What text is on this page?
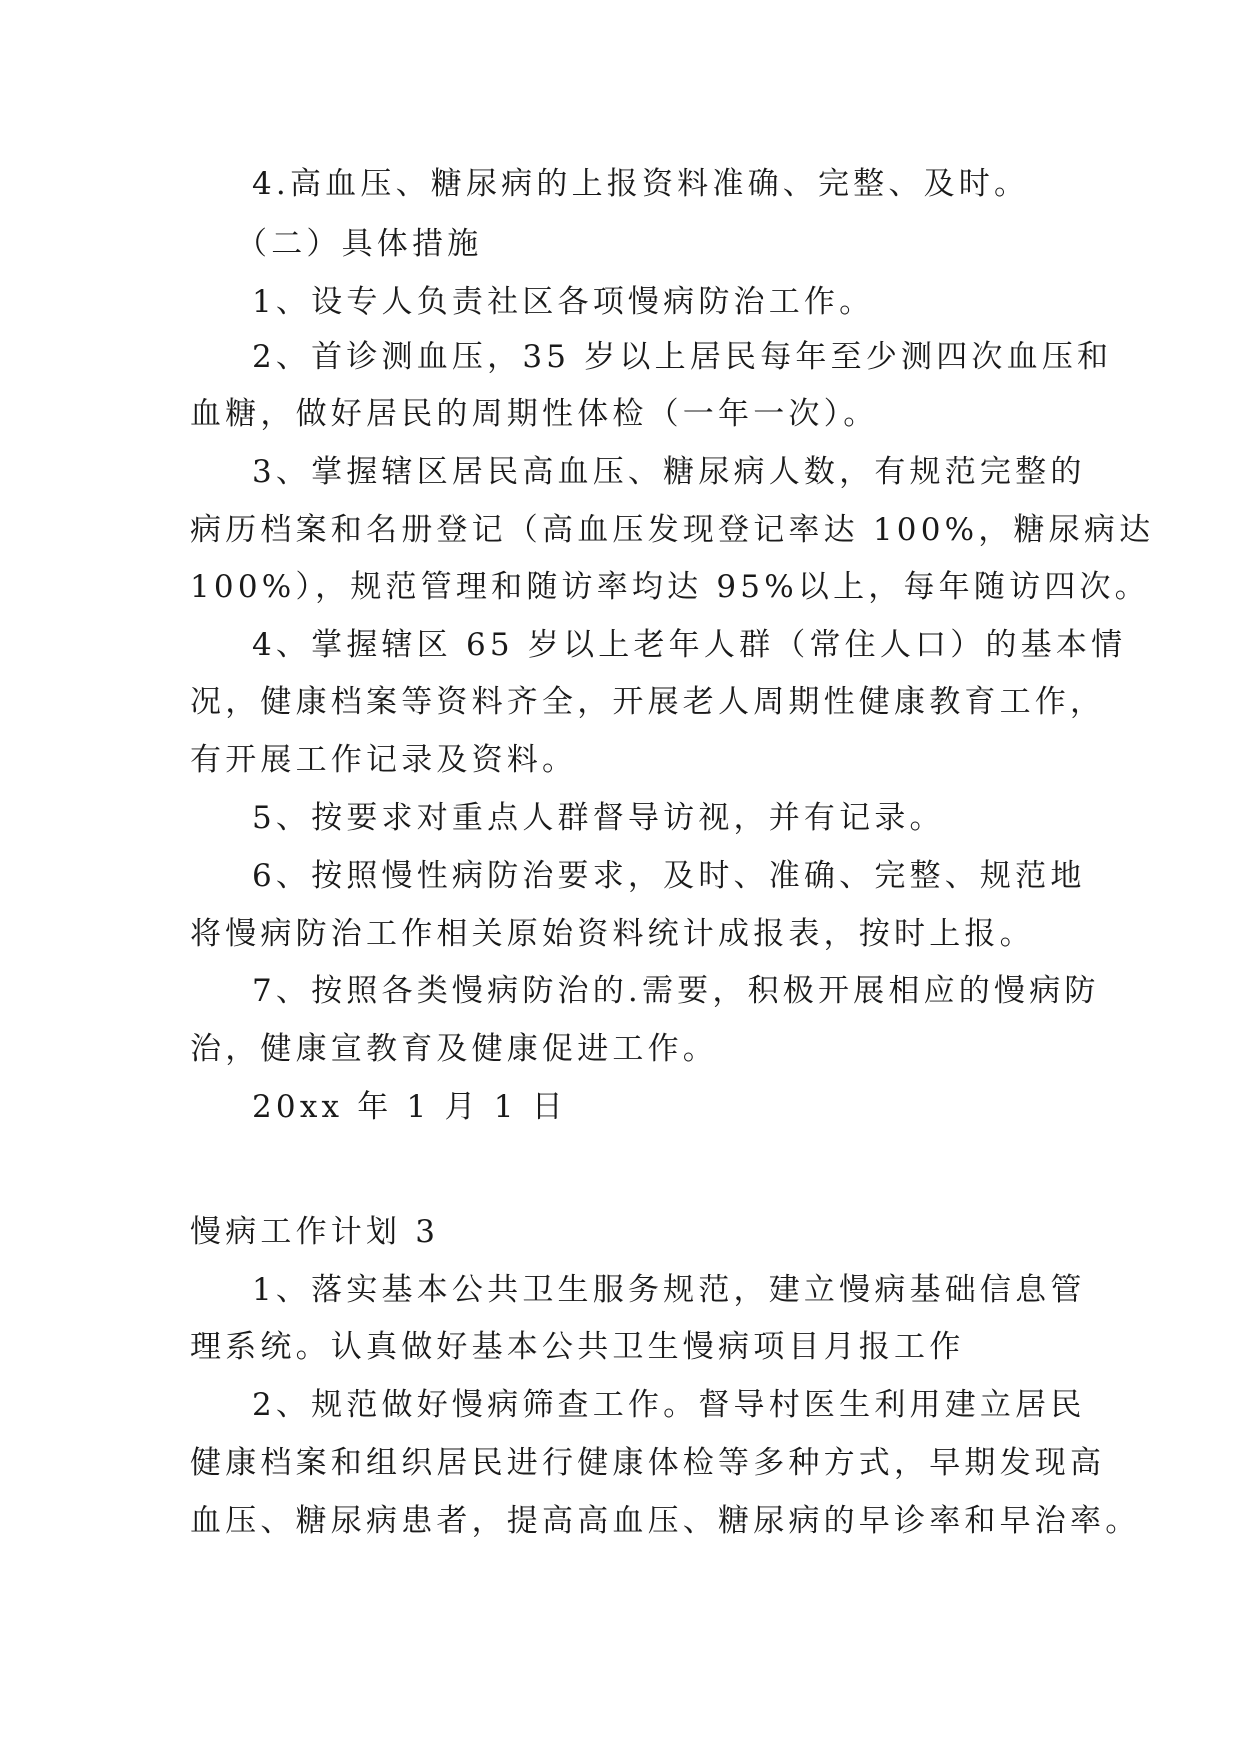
4.高血压、糖尿病的上报资料准确、完整、及时。
（二）具体措施
1、设专人负责社区各项慢病防治工作。
2、首诊测血压，35 岁以上居民每年至少测四次血压和
血糖，做好居民的周期性体检（一年一次）。
3、掌握辖区居民高血压、糖尿病人数，有规范完整的
病历档案和名册登记（高血压发现登记率达 100%，糖尿病达
100%），规范管理和随访率均达 95%以上，每年随访四次。
4、掌握辖区 65 岁以上老年人群（常住人口）的基本情
况，健康档案等资料齐全，开展老人周期性健康教育工作，
有开展工作记录及资料。
5、按要求对重点人群督导访视，并有记录。
6、按照慢性病防治要求，及时、准确、完整、规范地
将慢病防治工作相关原始资料统计成报表，按时上报。
7、按照各类慢病防治的.需要，积极开展相应的慢病防
治，健康宣教育及健康促进工作。
20xx 年 1 月 1 日
慢病工作计划 3
1、落实基本公共卫生服务规范，建立慢病基础信息管
理系统。认真做好基本公共卫生慢病项目月报工作
2、规范做好慢病筛查工作。督导村医生利用建立居民
健康档案和组织居民进行健康体检等多种方式，早期发现高
血压、糖尿病患者，提高高血压、糖尿病的早诊率和早治率。
